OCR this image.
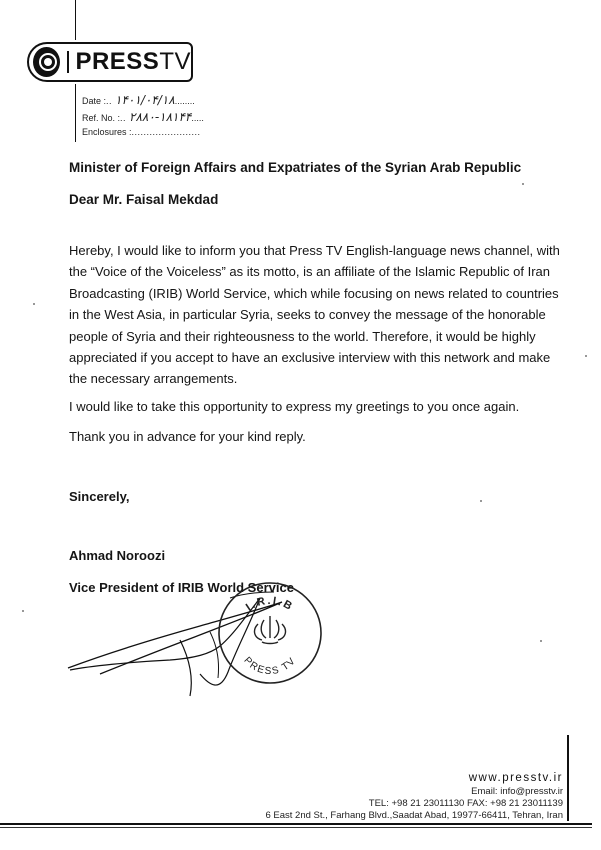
PRESSTV
Date :.. ۱۴۰۱/۰۴/۱۸........
Ref. No. :.. ۲۸۸۰-۱۸۱۴۴.....
Enclosures :.......................
Minister of Foreign Affairs and Expatriates of the Syrian Arab Republic
Dear Mr. Faisal Mekdad
Hereby, I would like to inform you that Press TV English-language news channel, with the “Voice of the Voiceless” as its motto, is an affiliate of the Islamic Republic of Iran Broadcasting (IRIB) World Service, which while focusing on news related to countries in the West Asia, in particular Syria, seeks to convey the message of the honorable people of Syria and their righteousness to the world. Therefore, it would be highly appreciated if you accept to have an exclusive interview with this network and make the necessary arrangements.
I would like to take this opportunity to express my greetings to you once again.
Thank you in advance for your kind reply.
Sincerely,
Ahmad Noroozi
Vice President of IRIB World Service
I.R.I.B
PRESS TV
www.presstv.ir
Email: info@presstv.ir
TEL: +98 21 23011130 FAX: +98 21 23011139
6 East 2nd St., Farhang Blvd.,Saadat Abad, 19977-66411, Tehran, Iran
